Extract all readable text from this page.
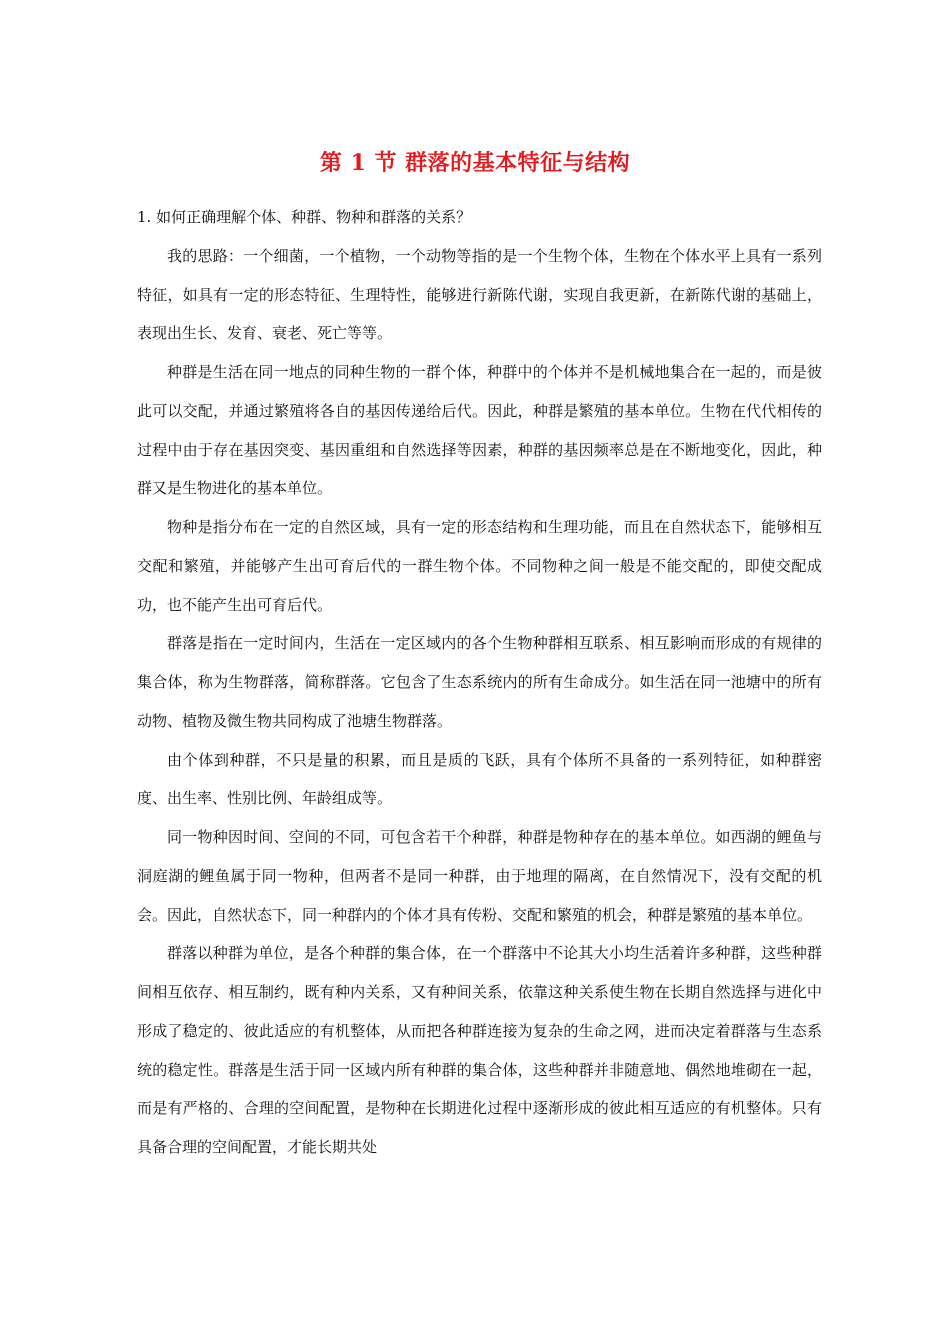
第 1 节 群落的基本特征与结构

1. 如何正确理解个体、种群、物种和群落的关系？

我的思路：一个细菌，一个植物，一个动物等指的是一个生物个体，生物在个体水平上具有一系列特征，如具有一定的形态特征、生理特性，能够进行新陈代谢，实现自我更新，在新陈代谢的基础上，表现出生长、发育、衰老、死亡等等。

种群是生活在同一地点的同种生物的一群个体，种群中的个体并不是机械地集合在一起的，而是彼此可以交配，并通过繁殖将各自的基因传递给后代。因此，种群是繁殖的基本单位。生物在代代相传的过程中由于存在基因突变、基因重组和自然选择等因素，种群的基因频率总是在不断地变化，因此，种群又是生物进化的基本单位。

物种是指分布在一定的自然区域，具有一定的形态结构和生理功能，而且在自然状态下，能够相互交配和繁殖，并能够产生出可育后代的一群生物个体。不同物种之间一般是不能交配的，即使交配成功，也不能产生出可育后代。

群落是指在一定时间内，生活在一定区域内的各个生物种群相互联系、相互影响而形成的有规律的集合体，称为生物群落，简称群落。它包含了生态系统内的所有生命成分。如生活在同一池塘中的所有动物、植物及微生物共同构成了池塘生物群落。

由个体到种群，不只是量的积累，而且是质的飞跃，具有个体所不具备的一系列特征，如种群密度、出生率、性别比例、年龄组成等。

同一物种因时间、空间的不同，可包含若干个种群，种群是物种存在的基本单位。如西湖的鲤鱼与洞庭湖的鲤鱼属于同一物种，但两者不是同一种群，由于地理的隔离，在自然情况下，没有交配的机会。因此，自然状态下，同一种群内的个体才具有传粉、交配和繁殖的机会，种群是繁殖的基本单位。

群落以种群为单位，是各个种群的集合体，在一个群落中不论其大小均生活着许多种群，这些种群间相互依存、相互制约，既有种内关系，又有种间关系，依靠这种关系使生物在长期自然选择与进化中形成了稳定的、彼此适应的有机整体，从而把各种群连接为复杂的生命之网，进而决定着群落与生态系统的稳定性。群落是生活于同一区域内所有种群的集合体，这些种群并非随意地、偶然地堆砌在一起，而是有严格的、合理的空间配置，是物种在长期进化过程中逐渐形成的彼此相互适应的有机整体。只有具备合理的空间配置，才能长期共处
